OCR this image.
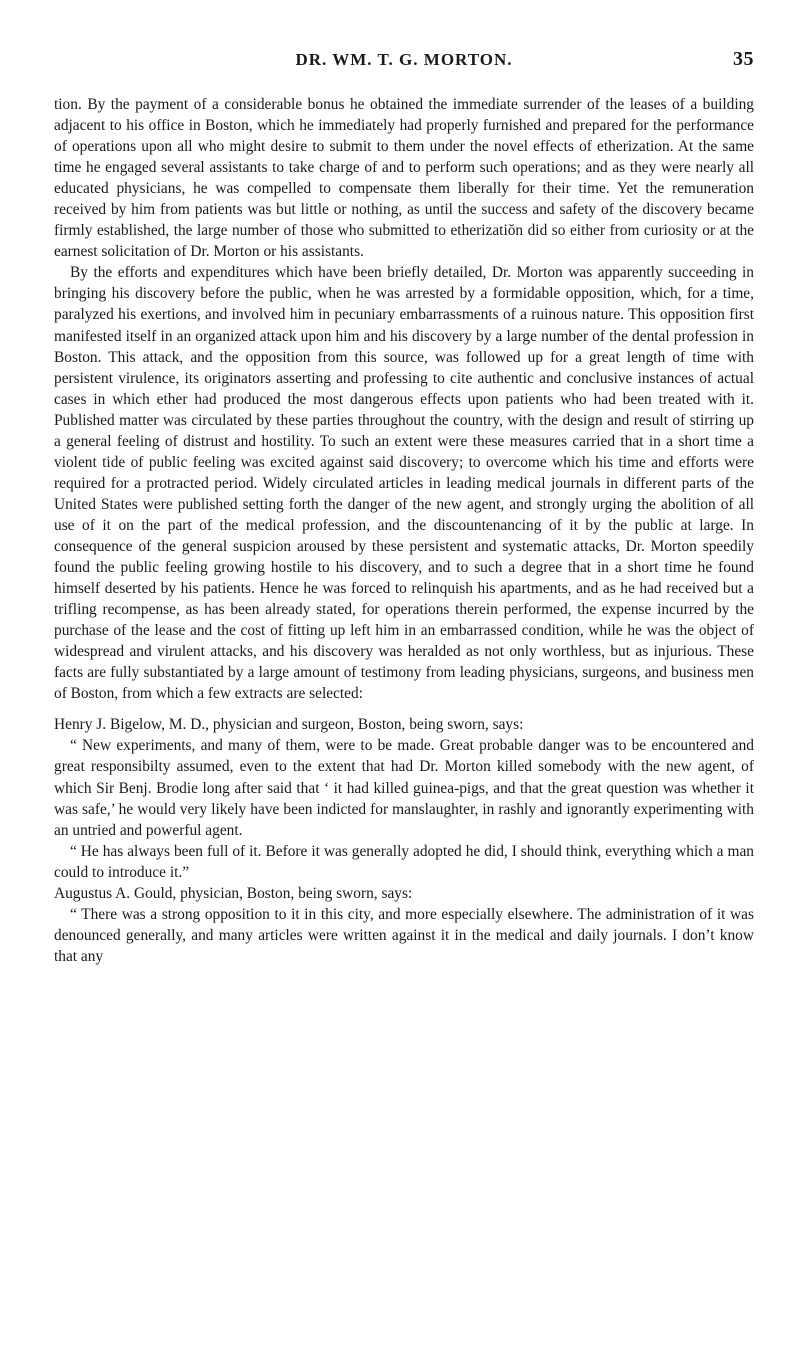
DR. WM. T. G. MORTON.	35

tion. By the payment of a considerable bonus he obtained the immediate surrender of the leases of a building adjacent to his office in Boston, which he immediately had properly furnished and prepared for the performance of operations upon all who might desire to submit to them under the novel effects of etherization. At the same time he engaged several assistants to take charge of and to perform such operations; and as they were nearly all educated physicians, he was compelled to compensate them liberally for their time. Yet the remuneration received by him from patients was but little or nothing, as until the success and safety of the discovery became firmly established, the large number of those who submitted to etherizatiŏn did so either from curiosity or at the earnest solicitation of Dr. Morton or his assistants.

By the efforts and expenditures which have been briefly detailed, Dr. Morton was apparently succeeding in bringing his discovery before the public, when he was arrested by a formidable opposition, which, for a time, paralyzed his exertions, and involved him in pecuniary embarrassments of a ruinous nature. This opposition first manifested itself in an organized attack upon him and his discovery by a large number of the dental profession in Boston. This attack, and the opposition from this source, was followed up for a great length of time with persistent virulence, its originators asserting and professing to cite authentic and conclusive instances of actual cases in which ether had produced the most dangerous effects upon patients who had been treated with it. Published matter was circulated by these parties throughout the country, with the design and result of stirring up a general feeling of distrust and hostility. To such an extent were these measures carried that in a short time a violent tide of public feeling was excited against said discovery; to overcome which his time and efforts were required for a protracted period. Widely circulated articles in leading medical journals in different parts of the United States were published setting forth the danger of the new agent, and strongly urging the abolition of all use of it on the part of the medical profession, and the discountenancing of it by the public at large. In consequence of the general suspicion aroused by these persistent and systematic attacks, Dr. Morton speedily found the public feeling growing hostile to his discovery, and to such a degree that in a short time he found himself deserted by his patients. Hence he was forced to relinquish his apartments, and as he had received but a trifling recompense, as has been already stated, for operations therein performed, the expense incurred by the purchase of the lease and the cost of fitting up left him in an embarrassed condition, while he was the object of widespread and virulent attacks, and his discovery was heralded as not only worthless, but as injurious. These facts are fully substantiated by a large amount of testimony from leading physicians, surgeons, and business men of Boston, from which a few extracts are selected:

Henry J. Bigelow, M. D., physician and surgeon, Boston, being sworn, says:

“ New experiments, and many of them, were to be made. Great probable danger was to be encountered and great responsibilty assumed, even to the extent that had Dr. Morton killed somebody with the new agent, of which Sir Benj. Brodie long after said that ‘ it had killed guinea-pigs, and that the great question was whether it was safe,’ he would very likely have been indicted for manslaughter, in rashly and ignorantly experimenting with an untried and powerful agent.

“ He has always been full of it. Before it was generally adopted he did, I should think, everything which a man could to introduce it.”

Augustus A. Gould, physician, Boston, being sworn, says:

“ There was a strong opposition to it in this city, and more especially elsewhere. The administration of it was denounced generally, and many articles were written against it in the medical and daily journals. I don’t know that any
